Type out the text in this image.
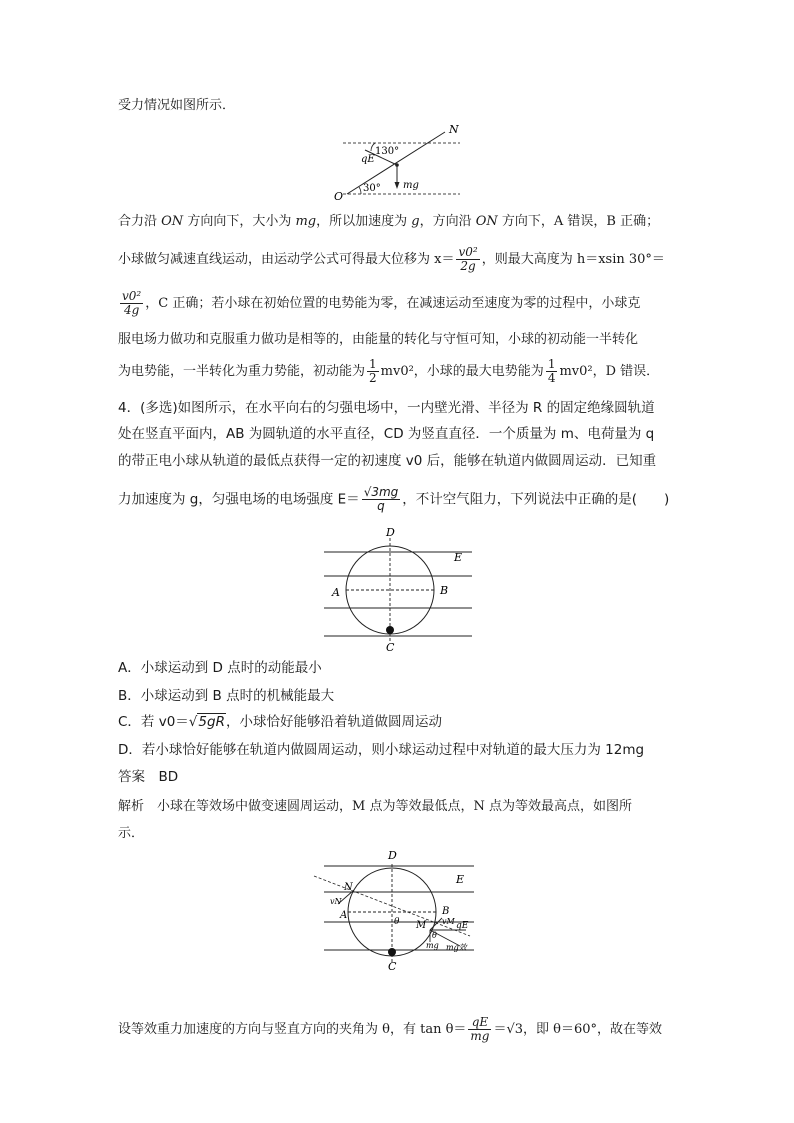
受力情况如图所示．
N
O
130°
30°
qE
mg
合力沿 ON 方向向下，大小为 mg，所以加速度为 g，方向沿 ON 方向下，A 错误，B 正确；
小球做匀减速直线运动，由运动学公式可得最大位移为 $x= \frac{\text{v0²}}{2g}$ ，则最大高度为 h＝xsin 30°＝
$\frac{\text{v0²}}{4g}$ ，C 正确；若小球在初始位置的电势能为零，在减速运动至速度为零的过程中，小球克
服电场力做功和克服重力做功是相等的，由能量的转化与守恒可知，小球的初动能一半转化
为电势能，一半转化为重力势能，初动能为 $\frac{1}{2} mv0^2$，小球的最大电势能为 $\frac{1}{4} mv0^2$，D 错误．
4．(多选)如图所示，在水平向右的匀强电场中，一内壁光滑、半径为 R 的固定绝缘圆轨道
处在竖直平面内，AB 为圆轨道的水平直径，CD 为竖直直径．一个质量为 m、电荷量为 q
的带正电小球从轨道的最低点获得一定的初速度 v0 后，能够在轨道内做圆周运动．已知重
力加速度为 g，匀强电场的电场强度 $E= \frac{√3mg}{q}$ ，不计空气阻力，下列说法中正确的是(　　)
D
E
A	B
C
A．小球运动到 D 点时的动能最小
B．小球运动到 B 点时的机械能最大
C．若 v0＝√5gR，小球恰好能够沿着轨道做圆周运动
D．若小球恰好能够在轨道内做圆周运动，则小球运动过程中对轨道的最大压力为 12mg
答案　BD
解析　小球在等效场中做变速圆周运动，M 点为等效最低点，N 点为等效最高点，如图所
示．
D
E
N
vN
A
M
B
vM
θ
θ
qE
mg mg效
C
设等效重力加速度的方向与竖直方向的夹角为 θ，有 $\tan \theta= \frac{qE}{mg} =√3$，即 θ＝60°，故在等效
